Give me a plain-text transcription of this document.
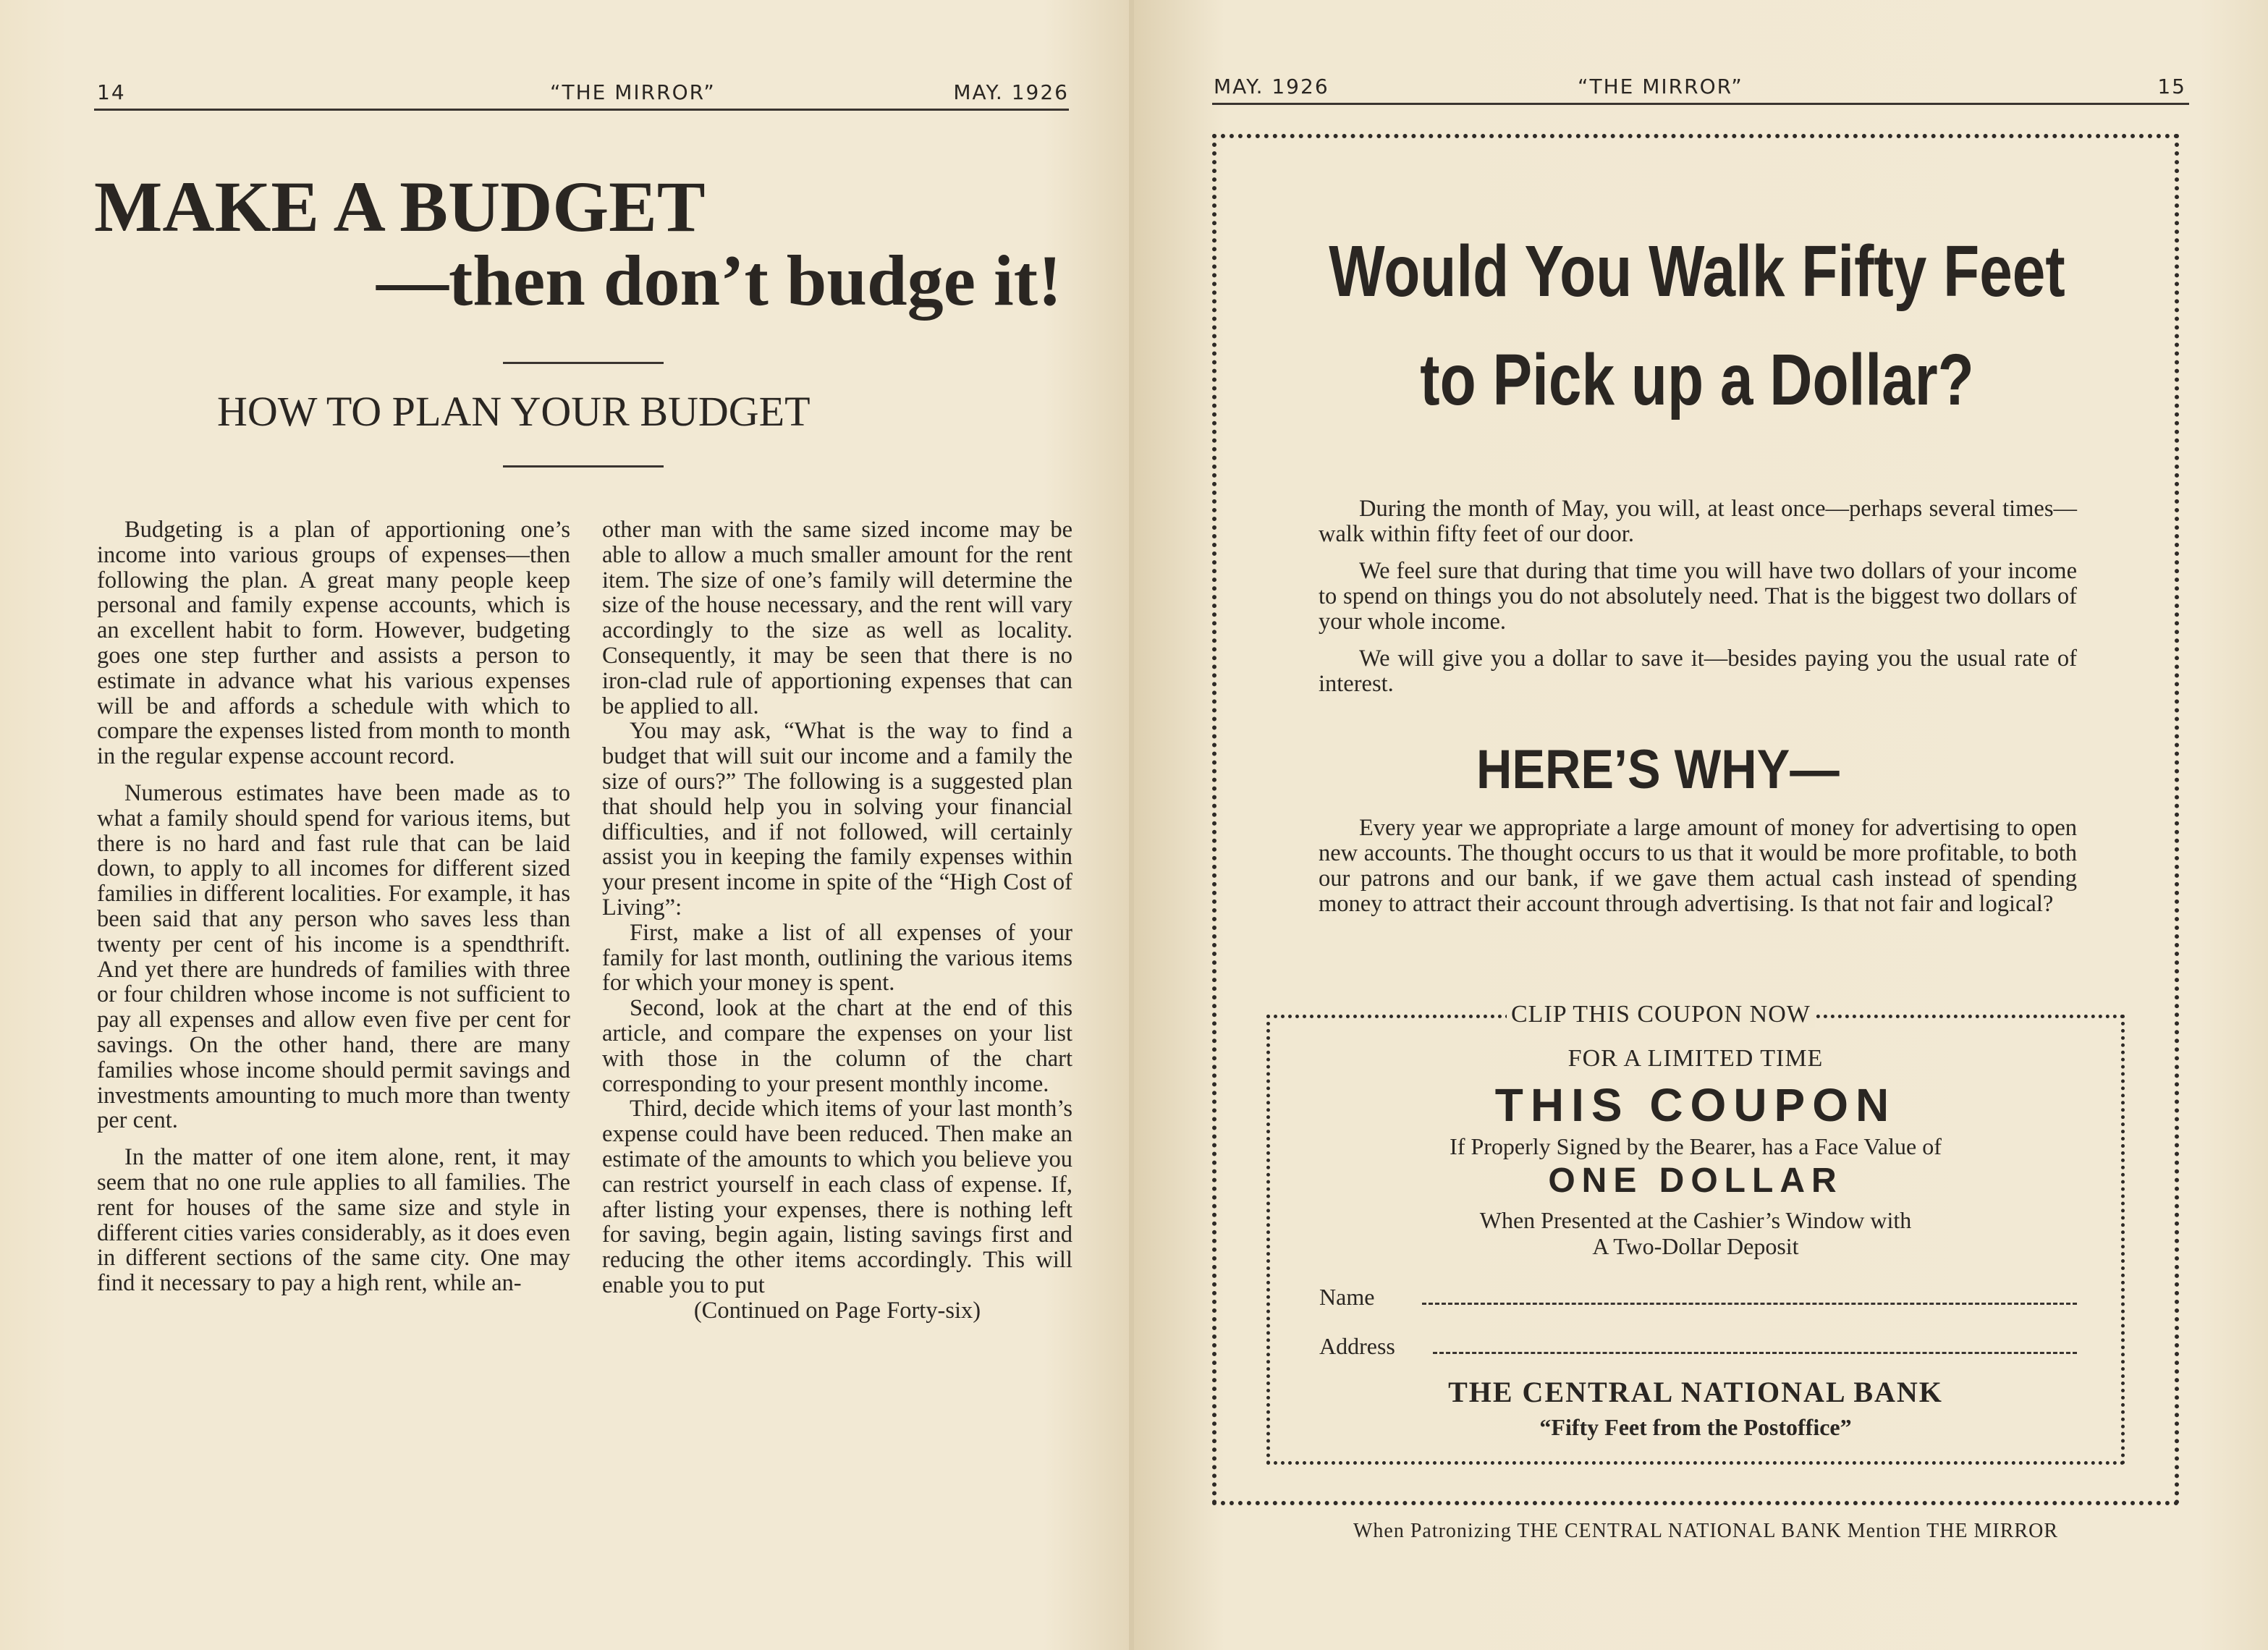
14	“THE MIRROR”	MAY. 1926
MAKE A BUDGET
—then don’t budge it!
HOW TO PLAN YOUR BUDGET

Budgeting is a plan of apportioning one’s income into various groups of expenses—then following the plan. A great many people keep personal and family expense accounts, which is an excellent habit to form. However, budgeting goes one step further and assists a person to estimate in advance what his various expenses will be and affords a schedule with which to compare the expenses listed from month to month in the regular expense account record.

Numerous estimates have been made as to what a family should spend for various items, but there is no hard and fast rule that can be laid down, to apply to all incomes for different sized families in different localities. For example, it has been said that any person who saves less than twenty per cent of his income is a spendthrift. And yet there are hundreds of families with three or four children whose income is not sufficient to pay all expenses and allow even five per cent for savings. On the other hand, there are many families whose income should permit savings and investments amounting to much more than twenty per cent.

In the matter of one item alone, rent, it may seem that no one rule applies to all families. The rent for houses of the same size and style in different cities varies considerably, as it does even in different sections of the same city. One may find it necessary to pay a high rent, while an-

other man with the same sized income may be able to allow a much smaller amount for the rent item. The size of one’s family will determine the size of the house necessary, and the rent will vary accordingly to the size as well as locality. Consequently, it may be seen that there is no iron-clad rule of apportioning expenses that can be applied to all.

You may ask, “What is the way to find a budget that will suit our income and a family the size of ours?” The following is a suggested plan that should help you in solving your financial difficulties, and if not followed, will certainly assist you in keeping the family expenses within your present income in spite of the “High Cost of Living”:

First, make a list of all expenses of your family for last month, outlining the various items for which your money is spent.

Second, look at the chart at the end of this article, and compare the expenses on your list with those in the column of the chart corresponding to your present monthly income.

Third, decide which items of your last month’s expense could have been reduced. Then make an estimate of the amounts to which you believe you can restrict yourself in each class of expense. If, after listing your expenses, there is nothing left for saving, begin again, listing savings first and reducing the other items accordingly. This will enable you to put

(Continued on Page Forty-six)

MAY. 1926	“THE MIRROR”	15
Would You Walk Fifty Feet
to Pick up a Dollar?

During the month of May, you will, at least once—perhaps several times—walk within fifty feet of our door.

We feel sure that during that time you will have two dollars of your income to spend on things you do not absolutely need. That is the biggest two dollars of your whole income.

We will give you a dollar to save it—besides paying you the usual rate of interest.

HERE’S WHY—

Every year we appropriate a large amount of money for advertising to open new accounts. The thought occurs to us that it would be more profitable, to both our patrons and our bank, if we gave them actual cash instead of spending money to attract their account through advertising. Is that not fair and logical?

CLIP THIS COUPON NOW
FOR A LIMITED TIME
THIS COUPON
If Properly Signed by the Bearer, has a Face Value of
ONE DOLLAR
When Presented at the Cashier’s Window with
A Two-Dollar Deposit
Name
Address
THE CENTRAL NATIONAL BANK
“Fifty Feet from the Postoffice”
When Patronizing THE CENTRAL NATIONAL BANK Mention THE MIRROR
